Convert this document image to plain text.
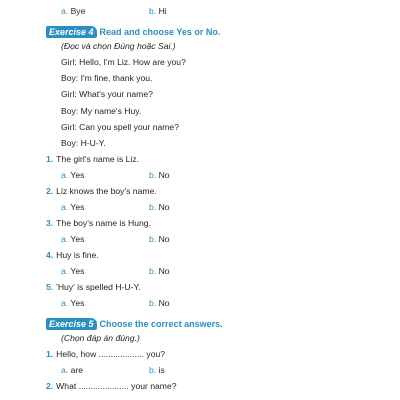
a. Bye	b. Hi
Exercise 4 Read and choose Yes or No.
(Đọc và chọn Đúng hoặc Sai.)
Girl: Hello, I'm Liz. How are you?
Boy: I'm fine, thank you.
Girl: What's your name?
Boy: My name's Huy.
Girl: Can you spell your name?
Boy: H-U-Y.
1. The girl's name is Liz.
a. Yes	b. No
2. Liz knows the boy's name.
a. Yes	b. No
3. The boy's name is Hung.
a. Yes	b. No
4. Huy is fine.
a. Yes	b. No
5. 'Huy' is spelled H-U-Y.
a. Yes	b. No
Exercise 5 Choose the correct answers.
(Chọn đáp án đúng.)
1. Hello, how ................... you?
a. are	b. is
2. What ..................... your name?
